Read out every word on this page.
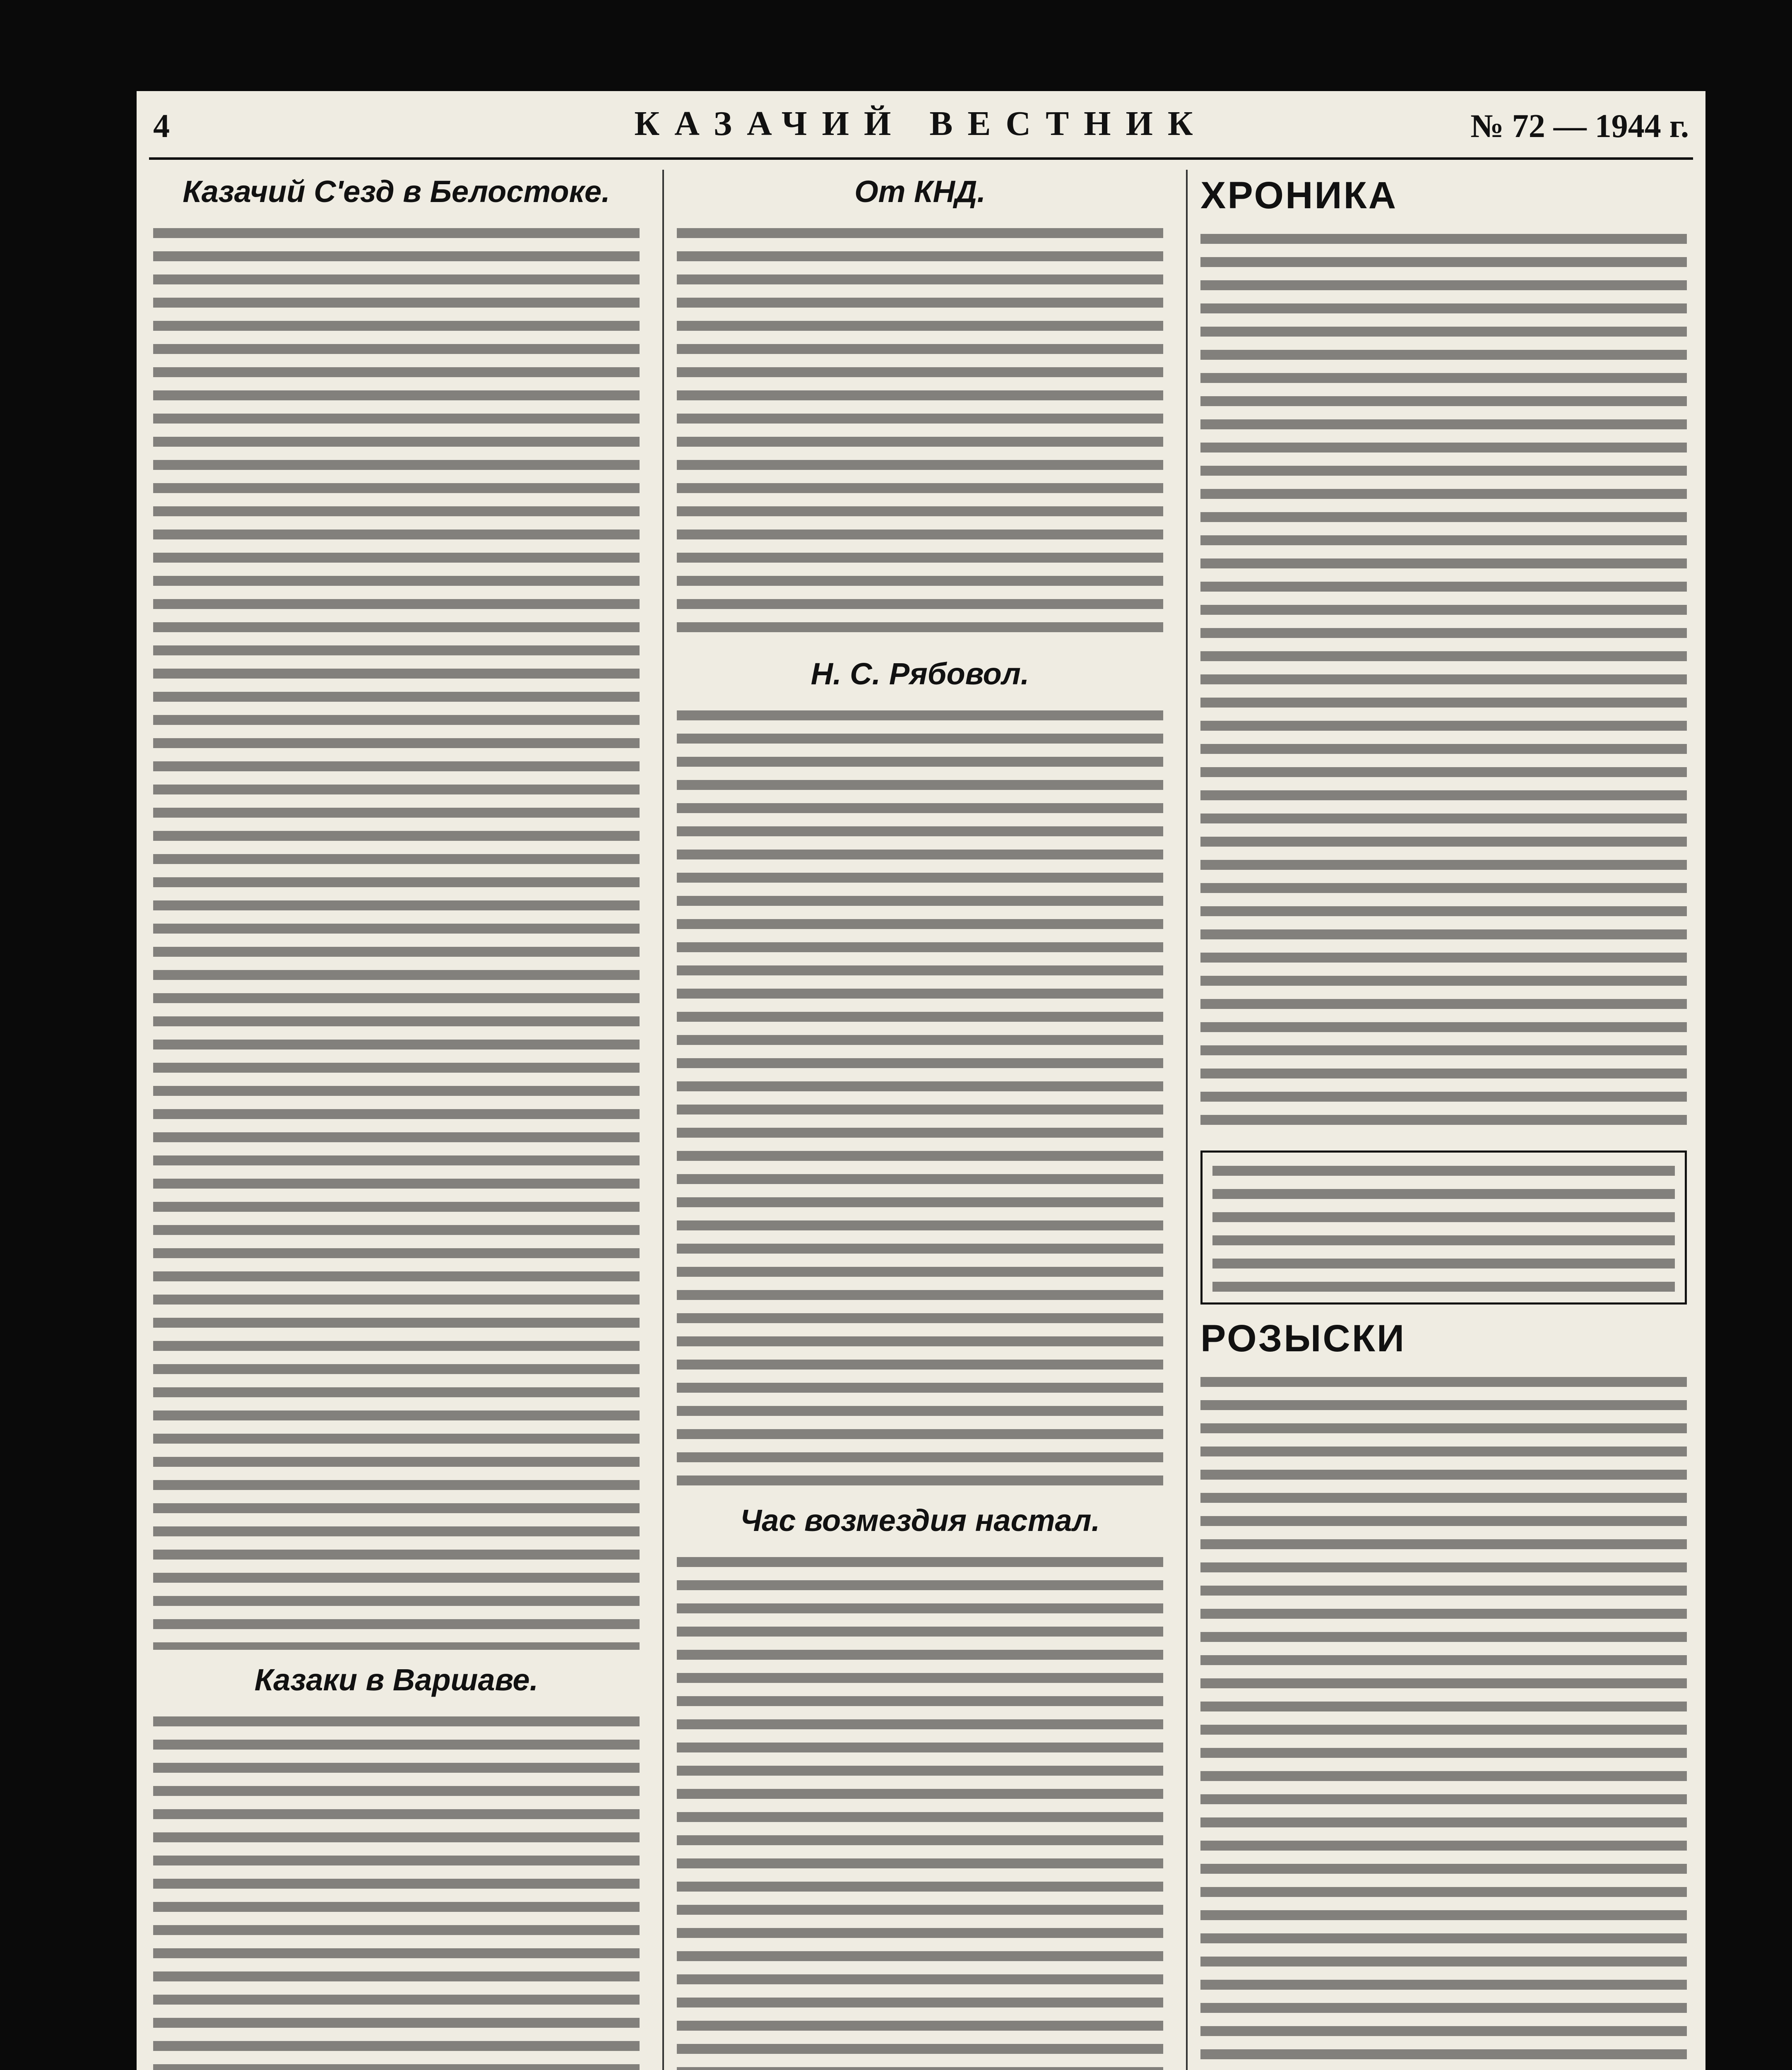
4	КАЗАЧИЙ ВЕСТНИК	№ 72 — 1944 г.
Казачий С'езд в Белостоке.
Казаки в Варшаве.
От КНД.
Н. С. Рябовол.
Час возмездия настал.
ХРОНИКА
РОЗЫСКИ
